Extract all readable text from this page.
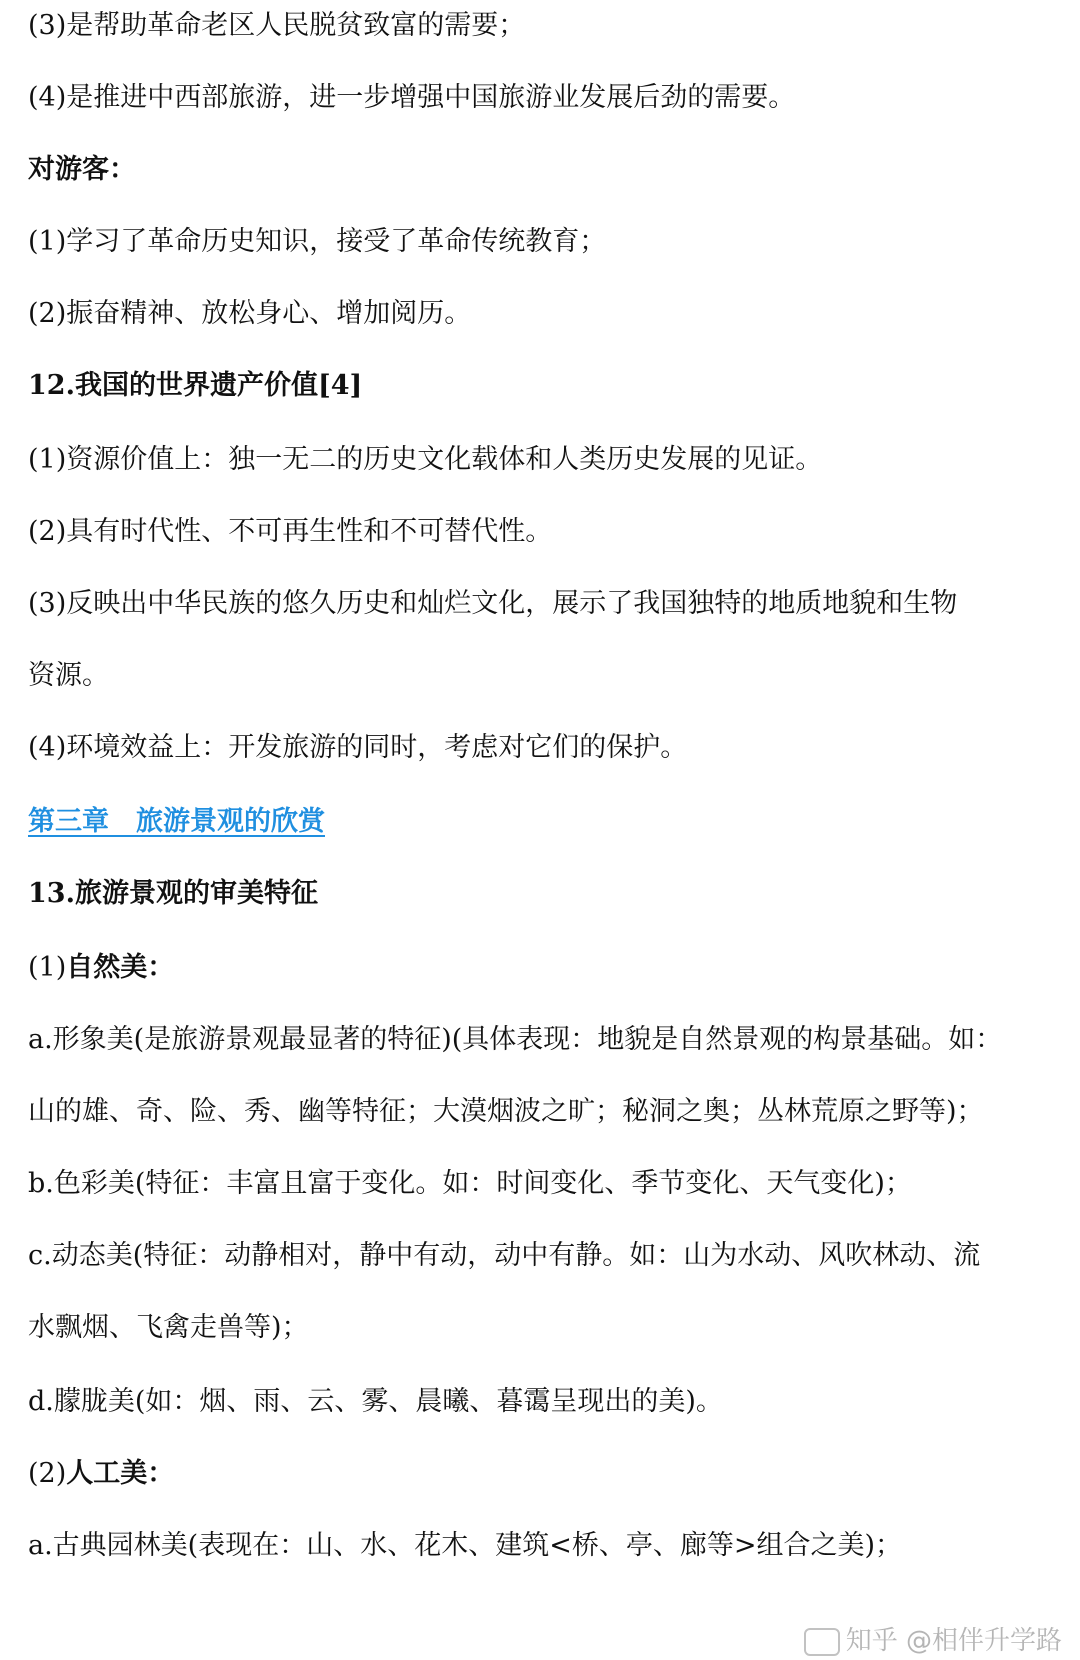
(3)是帮助革命老区人民脱贫致富的需要；
(4)是推进中西部旅游，进一步增强中国旅游业发展后劲的需要。
对游客：
(1)学习了革命历史知识，接受了革命传统教育；
(2)振奋精神、放松身心、增加阅历。
12.我国的世界遗产价值[4]
(1)资源价值上：独一无二的历史文化载体和人类历史发展的见证。
(2)具有时代性、不可再生性和不可替代性。
(3)反映出中华民族的悠久历史和灿烂文化，展示了我国独特的地质地貌和生物
资源。
(4)环境效益上：开发旅游的同时，考虑对它们的保护。
第三章　旅游景观的欣赏
13.旅游景观的审美特征
(1)自然美：
a.形象美(是旅游景观最显著的特征)(具体表现：地貌是自然景观的构景基础。如：
山的雄、奇、险、秀、幽等特征；大漠烟波之旷；秘洞之奥；丛林荒原之野等)；
b.色彩美(特征：丰富且富于变化。如：时间变化、季节变化、天气变化)；
c.动态美(特征：动静相对，静中有动，动中有静。如：山为水动、风吹林动、流
水飘烟、飞禽走兽等)；
d.朦胧美(如：烟、雨、云、雾、晨曦、暮霭呈现出的美)。
(2)人工美：
a.古典园林美(表现在：山、水、花木、建筑<桥、亭、廊等>组合之美)；
知乎 @相伴升学路
